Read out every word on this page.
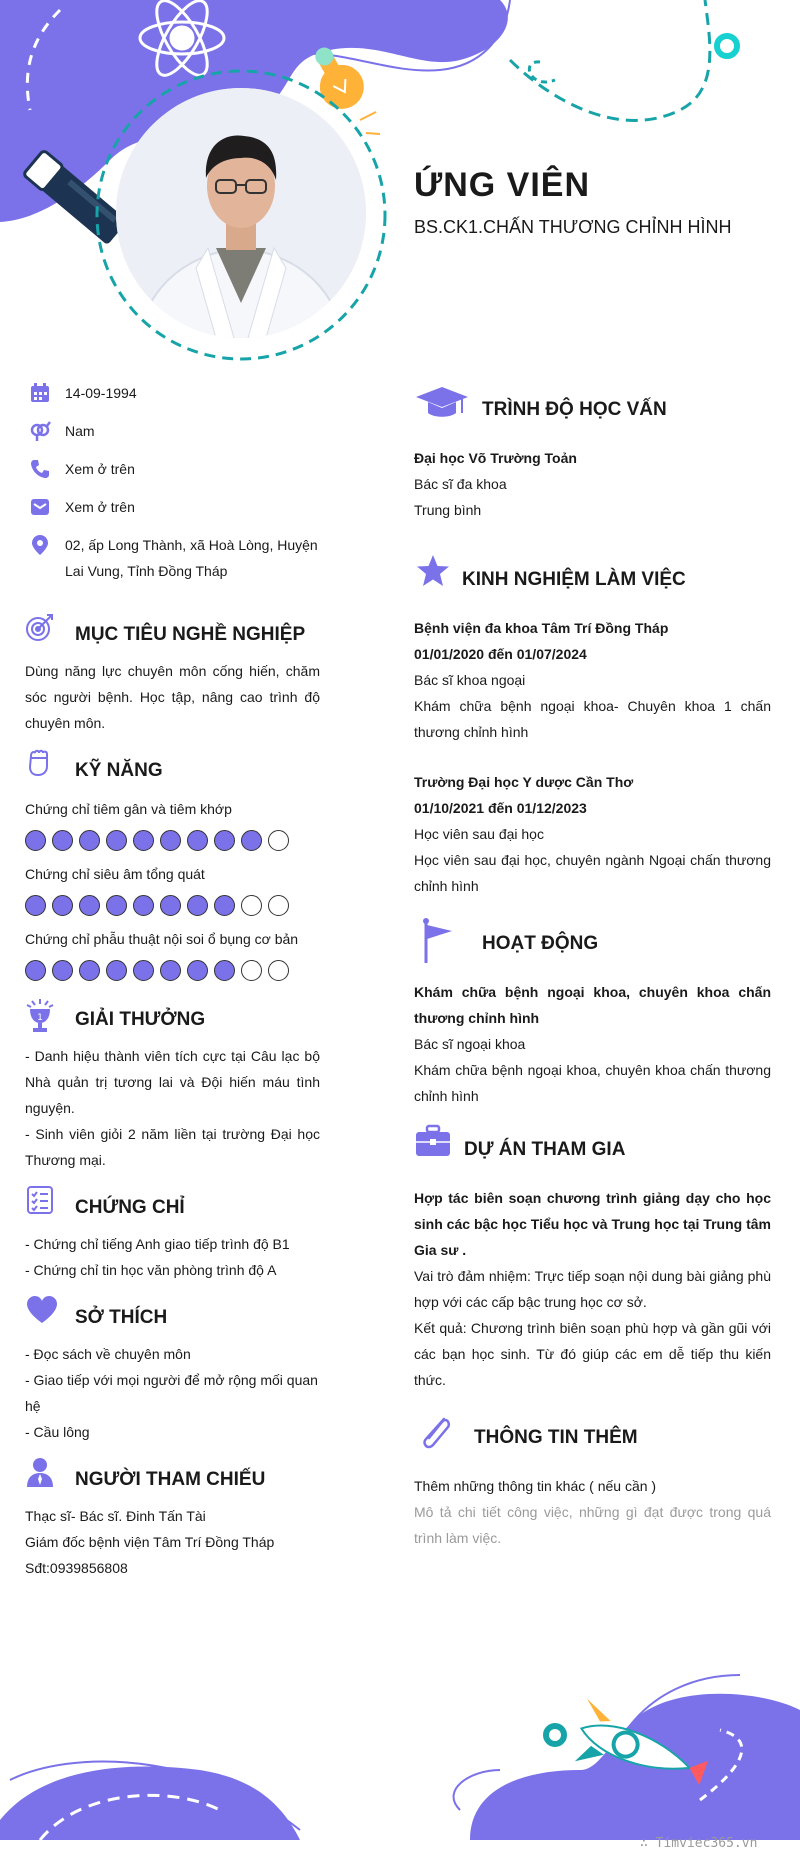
ỨNG VIÊN
BS.CK1.CHẤN THƯƠNG CHỈNH HÌNH
14-09-1994
Nam
Xem ở trên
Xem ở trên
02, ấp Long Thành, xã Hoà Lòng, Huyện Lai Vung, Tỉnh Đồng Tháp
MỤC TIÊU NGHỀ NGHIỆP

Dùng năng lực chuyên môn cống hiến, chăm sóc người bệnh. Học tập, nâng cao trình độ chuyên môn.

KỸ NĂNG

Chứng chỉ tiêm gân và tiêm khớp

Chứng chỉ siêu âm tổng quát

Chứng chỉ phẫu thuật nội soi ổ bụng cơ bản

1 GIẢI THƯỞNG

- Danh hiệu thành viên tích cực tại Câu lạc bộ Nhà quản trị tương lai và Đội hiến máu tình nguyện.

- Sinh viên giỏi 2 năm liền tại trường Đại học Thương mại.

CHỨNG CHỈ

- Chứng chỉ tiếng Anh giao tiếp trình độ B1

- Chứng chỉ tin học văn phòng trình độ A

SỞ THÍCH

- Đọc sách về chuyên môn

- Giao tiếp với mọi người để mở rộng mối quan hệ

- Cầu lông

NGƯỜI THAM CHIẾU

Thạc sĩ- Bác sĩ. Đinh Tấn Tài

Giám đốc bệnh viện Tâm Trí Đồng Tháp

Sđt:0939856808

TRÌNH ĐỘ HỌC VẤN

Đại học Võ Trường Toản

Bác sĩ đa khoa

Trung bình

KINH NGHIỆM LÀM VIỆC

Bệnh viện đa khoa Tâm Trí Đồng Tháp

01/01/2020 đến 01/07/2024

Bác sĩ khoa ngoại

Khám chữa bệnh ngoại khoa- Chuyên khoa 1 chấn thương chỉnh hình

Trường Đại học Y dược Cần Thơ

01/10/2021 đến 01/12/2023

Học viên sau đại học

Học viên sau đại học, chuyên ngành Ngoại chấn thương chỉnh hình

HOẠT ĐỘNG

Khám chữa bệnh ngoại khoa, chuyên khoa chấn thương chỉnh hình

Bác sĩ ngoại khoa

Khám chữa bệnh ngoại khoa, chuyên khoa chấn thương chỉnh hình

DỰ ÁN THAM GIA

Hợp tác biên soạn chương trình giảng dạy cho học sinh các bậc học Tiểu học và Trung học tại Trung tâm Gia sư .

Vai trò đảm nhiệm: Trực tiếp soạn nội dung bài giảng phù hợp với các cấp bậc trung học cơ sở.

Kết quả: Chương trình biên soạn phù hợp và gần gũi với các bạn học sinh. Từ đó giúp các em dễ tiếp thu kiến thức.

THÔNG TIN THÊM

Thêm những thông tin khác ( nếu cần )

Mô tả chi tiết công việc, những gì đạt được trong quá trình làm việc.

∴ Timviec365.vn
